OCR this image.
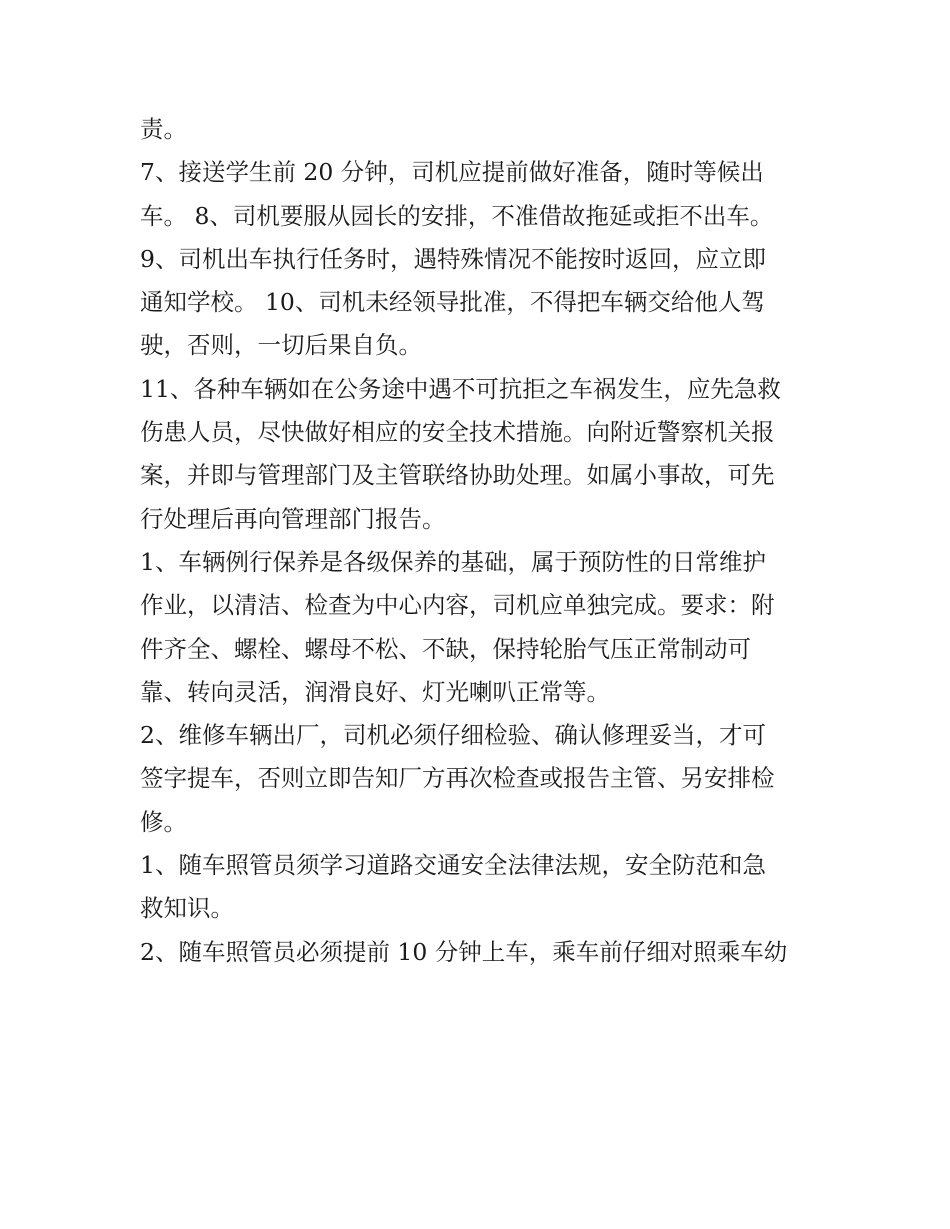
责。
7、接送学生前 20 分钟，司机应提前做好准备，随时等候出
车。 8、司机要服从园长的安排，不准借故拖延或拒不出车。
9、司机出车执行任务时，遇特殊情况不能按时返回，应立即
通知学校。 10、司机未经领导批准，不得把车辆交给他人驾
驶，否则，一切后果自负。
11、各种车辆如在公务途中遇不可抗拒之车祸发生，应先急救
伤患人员，尽快做好相应的安全技术措施。向附近警察机关报
案，并即与管理部门及主管联络协助处理。如属小事故，可先
行处理后再向管理部门报告。
1、车辆例行保养是各级保养的基础，属于预防性的日常维护
作业，以清洁、检查为中心内容，司机应单独完成。要求：附
件齐全、螺栓、螺母不松、不缺，保持轮胎气压正常制动可
靠、转向灵活，润滑良好、灯光喇叭正常等。
2、维修车辆出厂，司机必须仔细检验、确认修理妥当，才可
签字提车，否则立即告知厂方再次检查或报告主管、另安排检
修。
1、随车照管员须学习道路交通安全法律法规，安全防范和急
救知识。
2、随车照管员必须提前 10 分钟上车，乘车前仔细对照乘车幼
